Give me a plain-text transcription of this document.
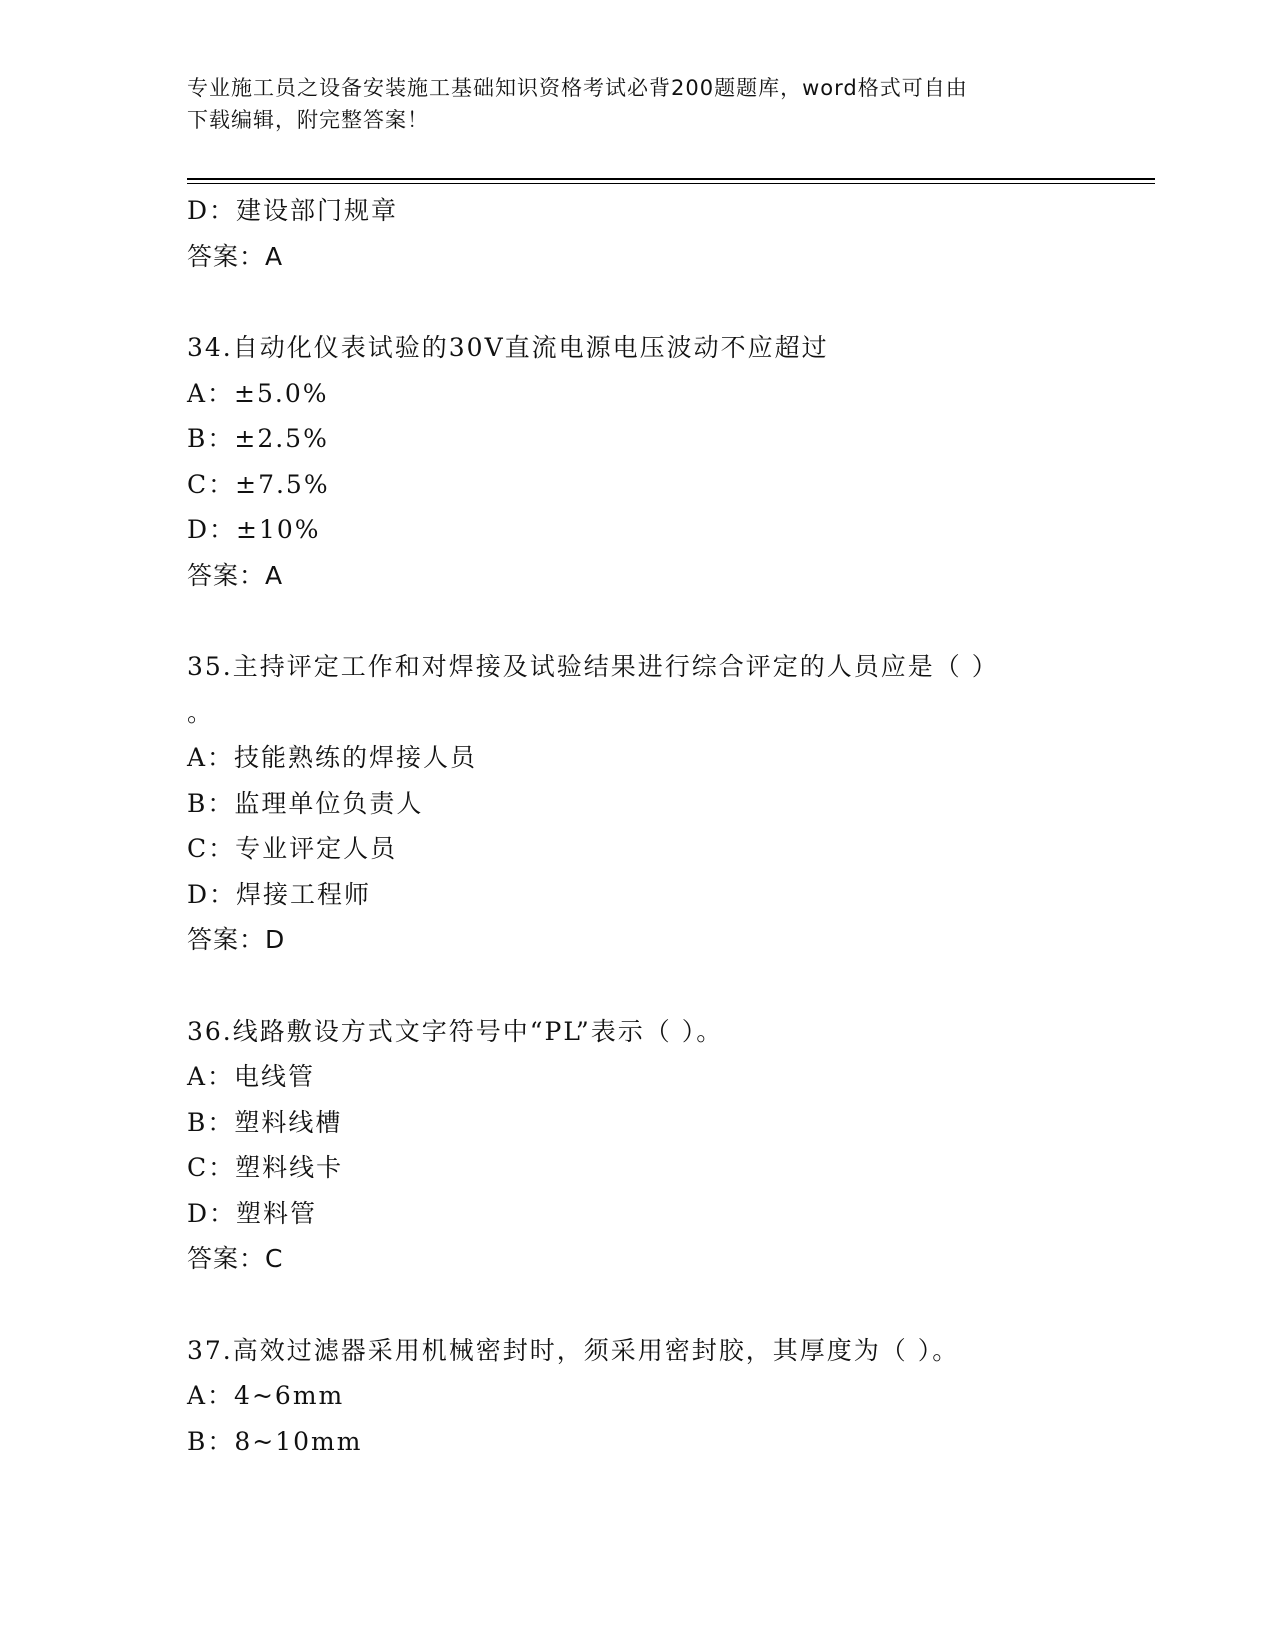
专业施工员之设备安装施工基础知识资格考试必背200题题库，word格式可自由
下载编辑，附完整答案！
D：建设部门规章
答案：A
34.自动化仪表试验的30V直流电源电压波动不应超过
A：±5.0%
B：±2.5%
C：±7.5%
D：±10%
答案：A
35.主持评定工作和对焊接及试验结果进行综合评定的人员应是（ ）
。
A：技能熟练的焊接人员
B：监理单位负责人
C：专业评定人员
D：焊接工程师
答案：D
36.线路敷设方式文字符号中“PL”表示（ ）。
A：电线管
B：塑料线槽
C：塑料线卡
D：塑料管
答案：C
37.高效过滤器采用机械密封时，须采用密封胶，其厚度为（ ）。
A：4~6mm
B：8~10mm
